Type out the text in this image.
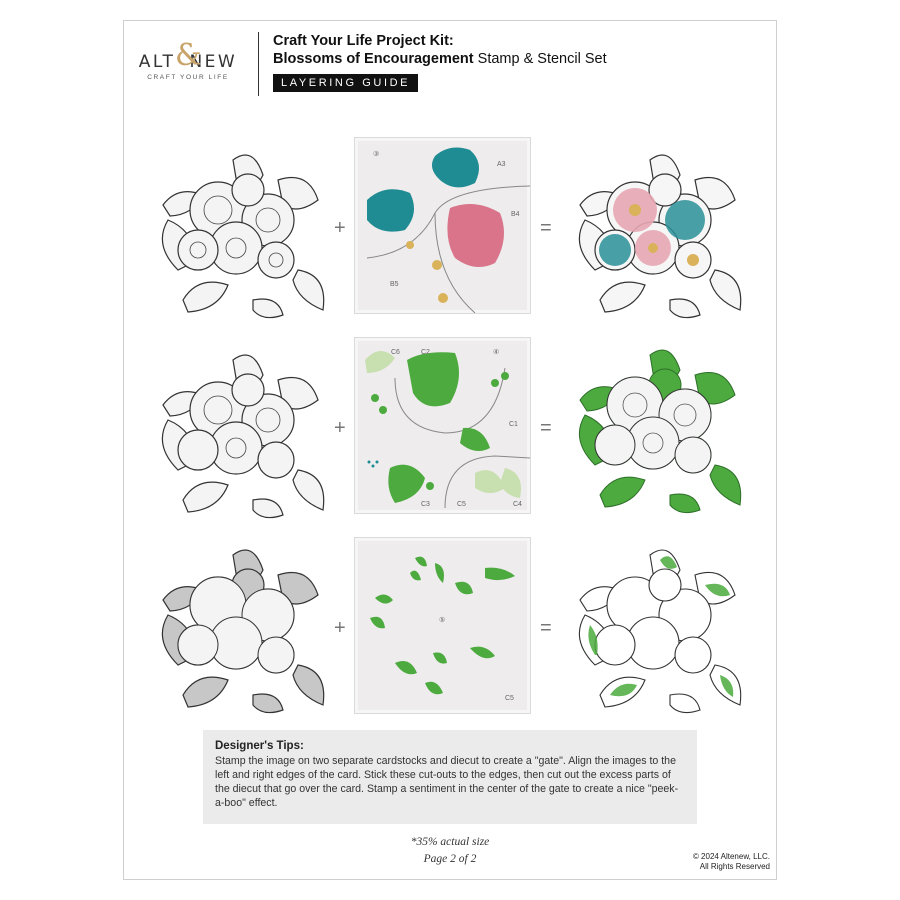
ALT NEW
&
CRAFT YOUR LIFE
Craft Your Life Project Kit:
Blossoms of Encouragement Stamp & Stencil Set
LAYERING GUIDE
+
③
A3
B4
B5
=
+
C6	C2	④
C1
C3	C5	C4
=
+	⑤
C5
=
Designer's Tips:
Stamp the image on two separate cardstocks and diecut to create a "gate". Align the images to the left and right edges of the card. Stick these cut-outs to the edges, then cut out the excess parts of the diecut that go over the card. Stamp a sentiment in the center of the gate to create a nice "peek-a-boo" effect.
*35% actual size
Page 2 of 2	© 2024 Altenew, LLC.
All Rights Reserved
